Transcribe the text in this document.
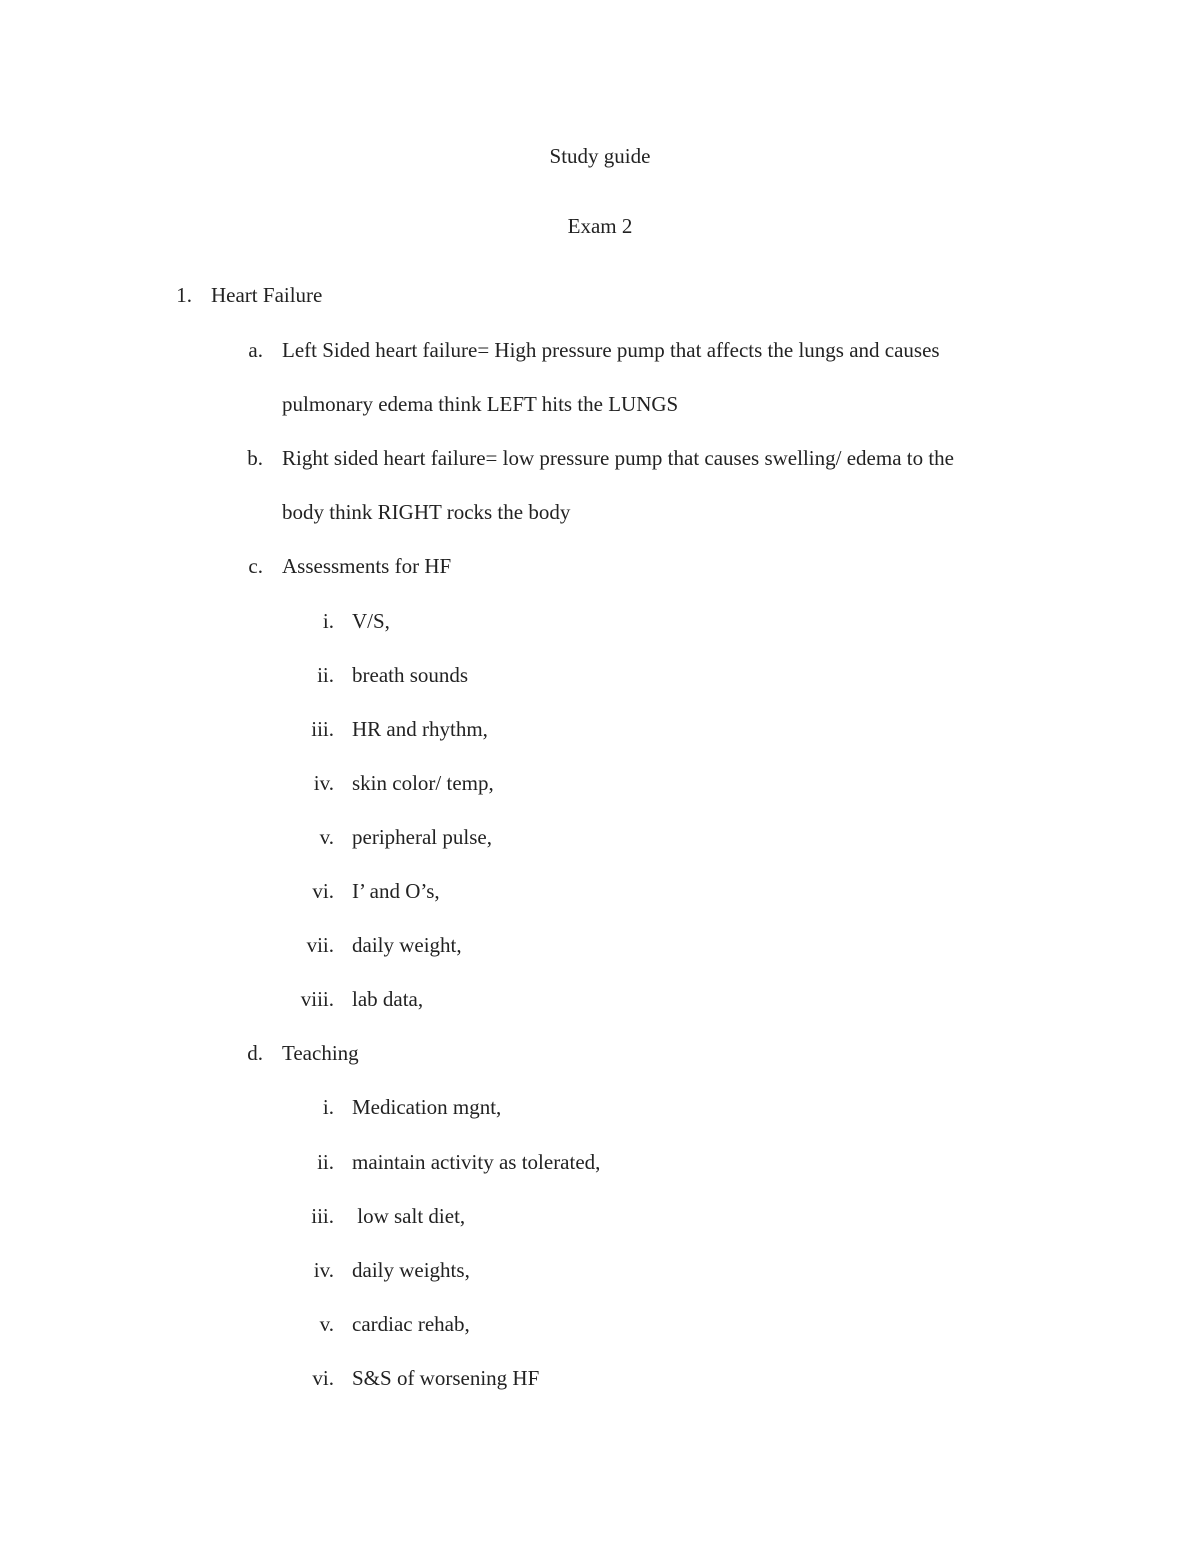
Study guide
Exam 2
1. Heart Failure
a. Left Sided heart failure= High pressure pump that affects the lungs and causes
pulmonary edema think LEFT hits the LUNGS
b. Right sided heart failure= low pressure pump that causes swelling/ edema to the
body think RIGHT rocks the body
c. Assessments for HF
i. V/S,
ii. breath sounds
iii. HR and rhythm,
iv. skin color/ temp,
v. peripheral pulse,
vi. I’ and O’s,
vii. daily weight,
viii. lab data,
d. Teaching
i. Medication mgnt,
ii. maintain activity as tolerated,
iii. low salt diet,
iv. daily weights,
v. cardiac rehab,
vi. S&S of worsening HF
